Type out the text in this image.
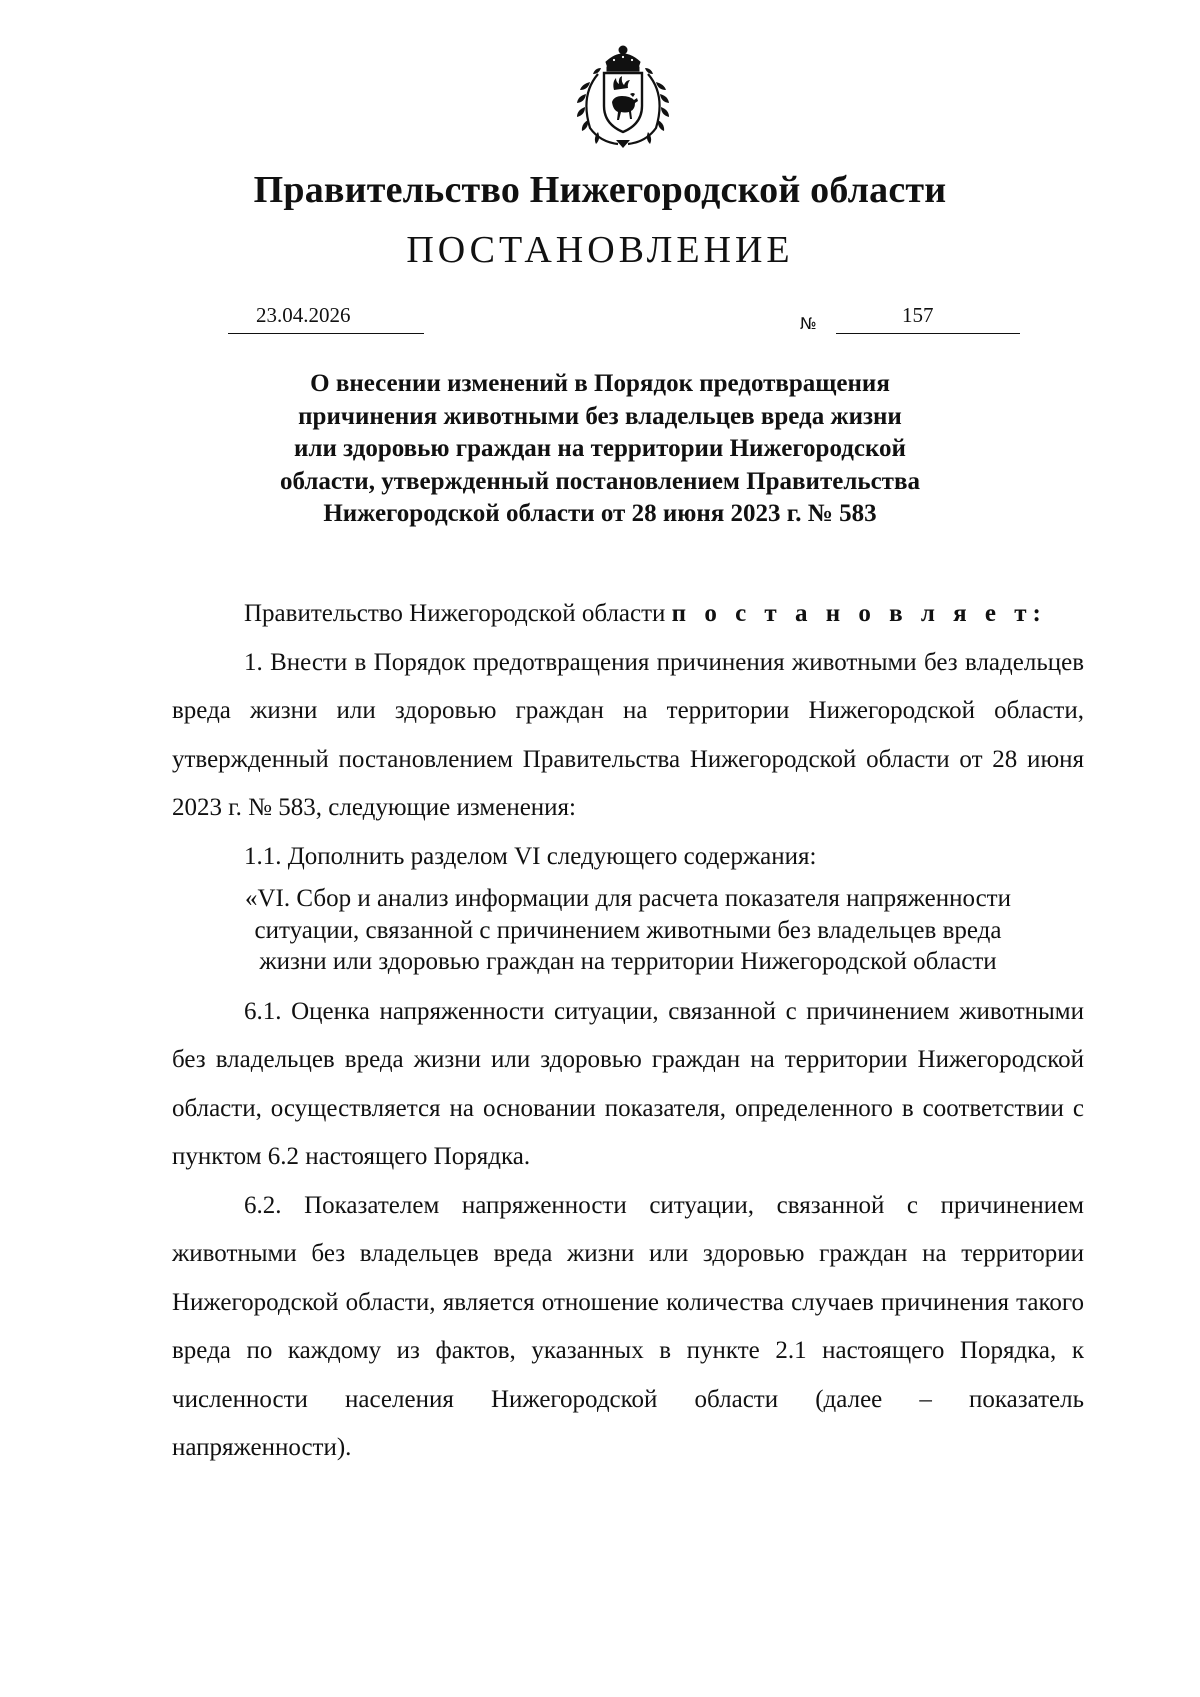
Правительство Нижегородской области
ПОСТАНОВЛЕНИЕ
23.04.2026	№	157
О внесении изменений в Порядок предотвращения
причинения животными без владельцев вреда жизни
или здоровью граждан на территории Нижегородской
области, утвержденный постановлением Правительства
Нижегородской области от 28 июня 2023 г. № 583

Правительство Нижегородской области п о с т а н о в л я е т:

1. Внести в Порядок предотвращения причинения животными без владельцев вреда жизни или здоровью граждан на территории Нижегородской области, утвержденный постановлением Правительства Нижегородской области от 28 июня 2023 г. № 583, следующие изменения:

1.1. Дополнить разделом VI следующего содержания:

«VI. Сбор и анализ информации для расчета показателя напряженности
ситуации, связанной с причинением животными без владельцев вреда
жизни или здоровью граждан на территории Нижегородской области

6.1. Оценка напряженности ситуации, связанной с причинением животными без владельцев вреда жизни или здоровью граждан на территории Нижегородской области, осуществляется на основании показателя, определенного в соответствии с пунктом 6.2 настоящего Порядка.

6.2. Показателем напряженности ситуации, связанной с причинением животными без владельцев вреда жизни или здоровью граждан на территории Нижегородской области, является отношение количества случаев причинения такого вреда по каждому из фактов, указанных в пункте 2.1 настоящего Порядка, к численности населения Нижегородской области (далее – показатель напряженности).
